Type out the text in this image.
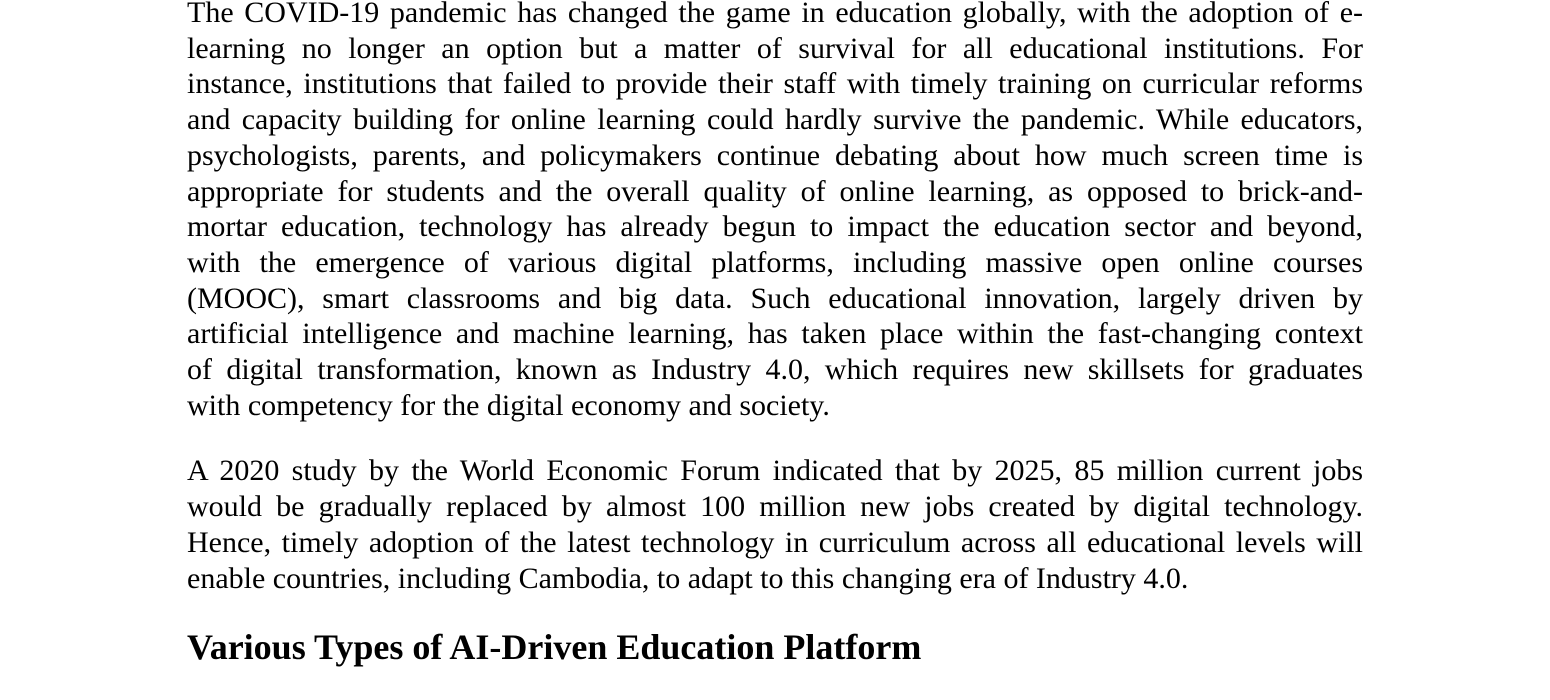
The COVID-19 pandemic has changed the game in education globally, with the adoption of e-
learning no longer an option but a matter of survival for all educational institutions. For
instance, institutions that failed to provide their staff with timely training on curricular reforms
and capacity building for online learning could hardly survive the pandemic. While educators,
psychologists, parents, and policymakers continue debating about how much screen time is
appropriate for students and the overall quality of online learning, as opposed to brick-and-
mortar education, technology has already begun to impact the education sector and beyond,
with the emergence of various digital platforms, including massive open online courses
(MOOC), smart classrooms and big data. Such educational innovation, largely driven by
artificial intelligence and machine learning, has taken place within the fast-changing context
of digital transformation, known as Industry 4.0, which requires new skillsets for graduates
with competency for the digital economy and society.
A 2020 study by the World Economic Forum indicated that by 2025, 85 million current jobs
would be gradually replaced by almost 100 million new jobs created by digital technology.
Hence, timely adoption of the latest technology in curriculum across all educational levels will
enable countries, including Cambodia, to adapt to this changing era of Industry 4.0.
Various Types of AI-Driven Education Platform
